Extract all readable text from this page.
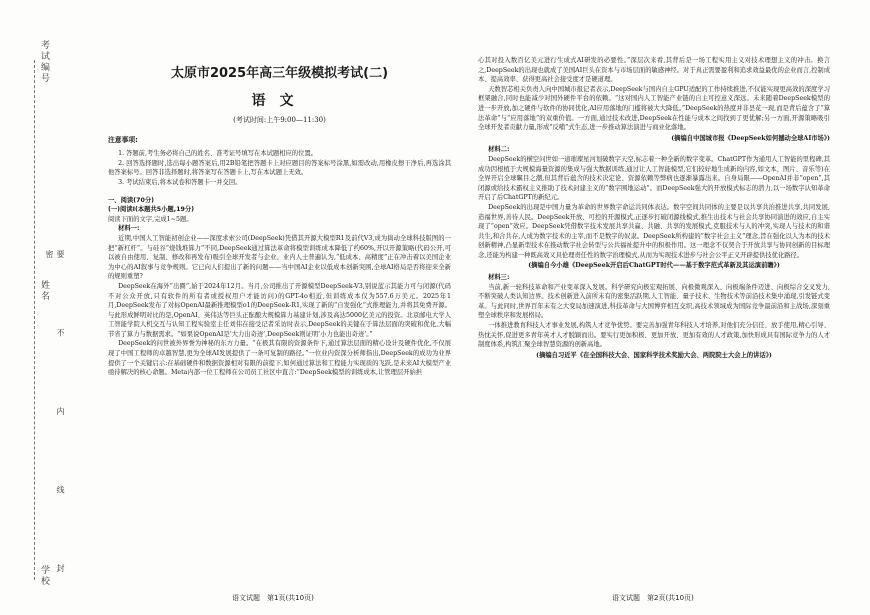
考试编号
姓名
学校 要 不 内 线 封 密
太原市2025年高三年级模拟考试(二)
语文
(考试时间:上午9:00—11:30)
注意事项:

1. 答题前,考生务必将自己的姓名、准考证号填写在本试题相应的位置。

2. 回答选择题时,选出每小题答案后,用2B铅笔把答题卡上对应题目的答案标号涂黑,如需改动,用橡皮擦干净后,再选涂其他答案标号。回答非选择题时,将答案写在答题卡上,写在本试题上无效。

3. 考试结束后,将本试卷和答题卡一并交回。

一、阅读(70分)
(一)阅读Ⅰ(本题共5小题,19分)
阅读下面的文字,完成1~5题。

材料一:

近期,中国人工智能初创企业——深度求索公司(DeepSeek)凭借其开源大模型R1及前代V3,成为捣动全球科技版图的一把“新杠杆”。与硅谷“烧钱堆算力”不同,DeepSeek通过算法革命将模型训练成本降低了约60%,开以开源策略(代码公开,可以被自由使用、复制、修改和再发布)吸引全球开发者与企业。业内人士普遍认为,“低成本、高精度”正在冲击着以美国企业为中心的AI叙事与竞争规则。它已向人们提出了新的问题——当中国AI企业以低成本创新突围,全球AI格局是否将迎来全新的规则重塑?

DeepSeek在海外“出圈”,始于2024年12月。当月,公司推出了开源模型DeepSeek-V3,别说蓝示其能力可与闭源(代码不对公众开放,只有软件的所有者或授权用户才能访问)的GPT-4o相近,但训练成本仅为557.6万美元。2025年1月,DeepSeek发布了对标OpenAI最新推理模型o1的DeepSeek-R1,实现了新的“自发强化”式推理能力,并将其免费开源。与此形成鲜明对比的是,OpenAI、英伟达等巨头正酝酿大规模算力基建计划,涉及高达5000亿美元的投资。北京邮电大学人工智能学院人机交互与认知工程实验室主任刘伟在接受记者采访时表示,DeepSeek的关键在于算法层面的突破和优化,大幅节省了算力与数据需求。“如果说OpenAI是‘大力出奇迹’,DeepSeek则证明‘小力也能出奇迹’。”

DeepSeek的问世被外界誉为神秘的东方力量。“在极其有限的资源条件下,通过算法层面的精心设计及硬件优化,不仅展现了中国工程师的卓越智慧,更为全球AI发展提供了一条可复制的路径。”一位业内资深分析师指出,DeepSeek的成功为业界提供了一个关键启示:在基础硬件和数据资源相对有限的前提下,如何通过算法和工程能力实现质的飞跃,是未来AI大模型产业亟待解决的核心命题。Meta内部一位工程师在公司员工社区中直言:“DeepSeek模型的训练成本,让管理层开始担

语文试题　第1页(共10页)

心其对投入数百亿美元进行生成式AI研发的必要性。”深层次来看,其背后是一场工程实用主义对技术理想主义的冲击。换言之,DeepSeek的出现也就成了美国AI巨头在资本与市场层面的敏感神经。对于真正需要盈利和追求效益最优的企业而言,控制成本、提高效率、获得更高社会接受度才是硬道理。

天数智芯相关负责人向中国城市报记者表示,DeepSeek与国内自主GPU适配的工作持续推进,不仅能实现更高效的深度学习框架融合,同时也能减少对国外硬件平台的依赖。“这对国内人工智能产业链的自主可控意义深远。未来随着DeepSeek模型的进一步开放,加之硬件与软件的协同优化,AI应用落地的门槛将被大大降低。”DeepSeek的热度并非昙花一现,而是背后蕴含了“算法革命”与“应用落地”的双重价值。一方面,通过技术改进,DeepSeek在性能与成本之间找到了更优解;另一方面,开源策略吸引全球开发者贡献力量,形成“反哺”式生态,进一步推动算法演进与商业化落地。

(摘编自中国城市报《DeepSeek如何撼动全球AI市场》)

材料二:

DeepSeek的横空问世如一道璀璨星河划破数字天空,标志着一种全新的数字变革。ChatGPT作为通用人工智能的里程碑,其成功因根植于大规模海量资源的集成与强大数据训练,通过让人工智能模型,它们较好地生成新的内容,如文本、图片、音乐等)在全界开启全球瞩目之潮,但其背后蕴含的技术决定论、资源依赖等弊病也逐渐暴露出来。自身局限——OpenAI并非“open”,其闭源或给技术霸权主义推助了技术封建主义的“数字围地运动”。而DeepSeek强大的开放模式标志的潜力,以一场数字认知革命开启了后ChatGPT的新纪元。

DeepSeek的出现是中国力量为革命的世界数字命运共同体表达。数字空间共同体的主要是以共享共治推进共享,共同发展,造福世界,善待人民。DeepSeek开放、可控的开源模式,正逐步打破闭源线模式,推生出技术与社会共享协同演进的效应,自主实现了“open”效应。DeepSeek凭借数字技术发展共享共赢、共融、共享的发展模式,克服技术与人的冲突,实现人与技术的和谐共生,和合共存,人成为数字技术的主宰,而不是数字的奴隶。DeepSeek所构建的“数字社会主义”理念,旨在强化以人为本的技术创新精神,凸显新型技术在推动数字社会转型与公共福祉提升中的积极作用。这一理念不仅契合于开放共享与协同创新的目标理念,还能为构建一种既高效又具伦理责任性的数字治理模式,从而为实现技术进步与社会公平正义开辟提供技优化路径。

(摘编自今小雄《DeepSeek开启后ChatGPT时代——基于数字范式革新及其运演前瞻》)

材料三:

当前,新一轮科技革命和产业变革深入发展。科学研究向极宏观拓展、向极微观深入、向极端条件迈进、向极综合交叉发力,不断突破人类认知边界。技术创新进入前所未有的密集活跃期,人工智能、量子技术、生物技术等前沿技术集中涌现,引发链式变革。与此同时,世界百年未有之大变局加速演进,科技革命与大国博弈相互交织,高技术领域成为国际竞争最前沿和主战场,深刻重塑全球秩序和发展格局。

一体推进教育科技人才事业发展,构筑人才竞争优势。要完善加强青年科技人才培养,对他们充分信任、放手使用,精心引导、热忱关怀,促进更多青年英才人才脱颖而出。要实行更加积极、更加开放、更加有效的人才政策,加快形成具有国际竞争力的人才制度体系,构筑汇聚全球智慧资源的创新高地。

(摘编自习近平《在全国科技大会、国家科学技术奖励大会、两院院士大会上的讲话》)
语文试题　第2页(共10页)
